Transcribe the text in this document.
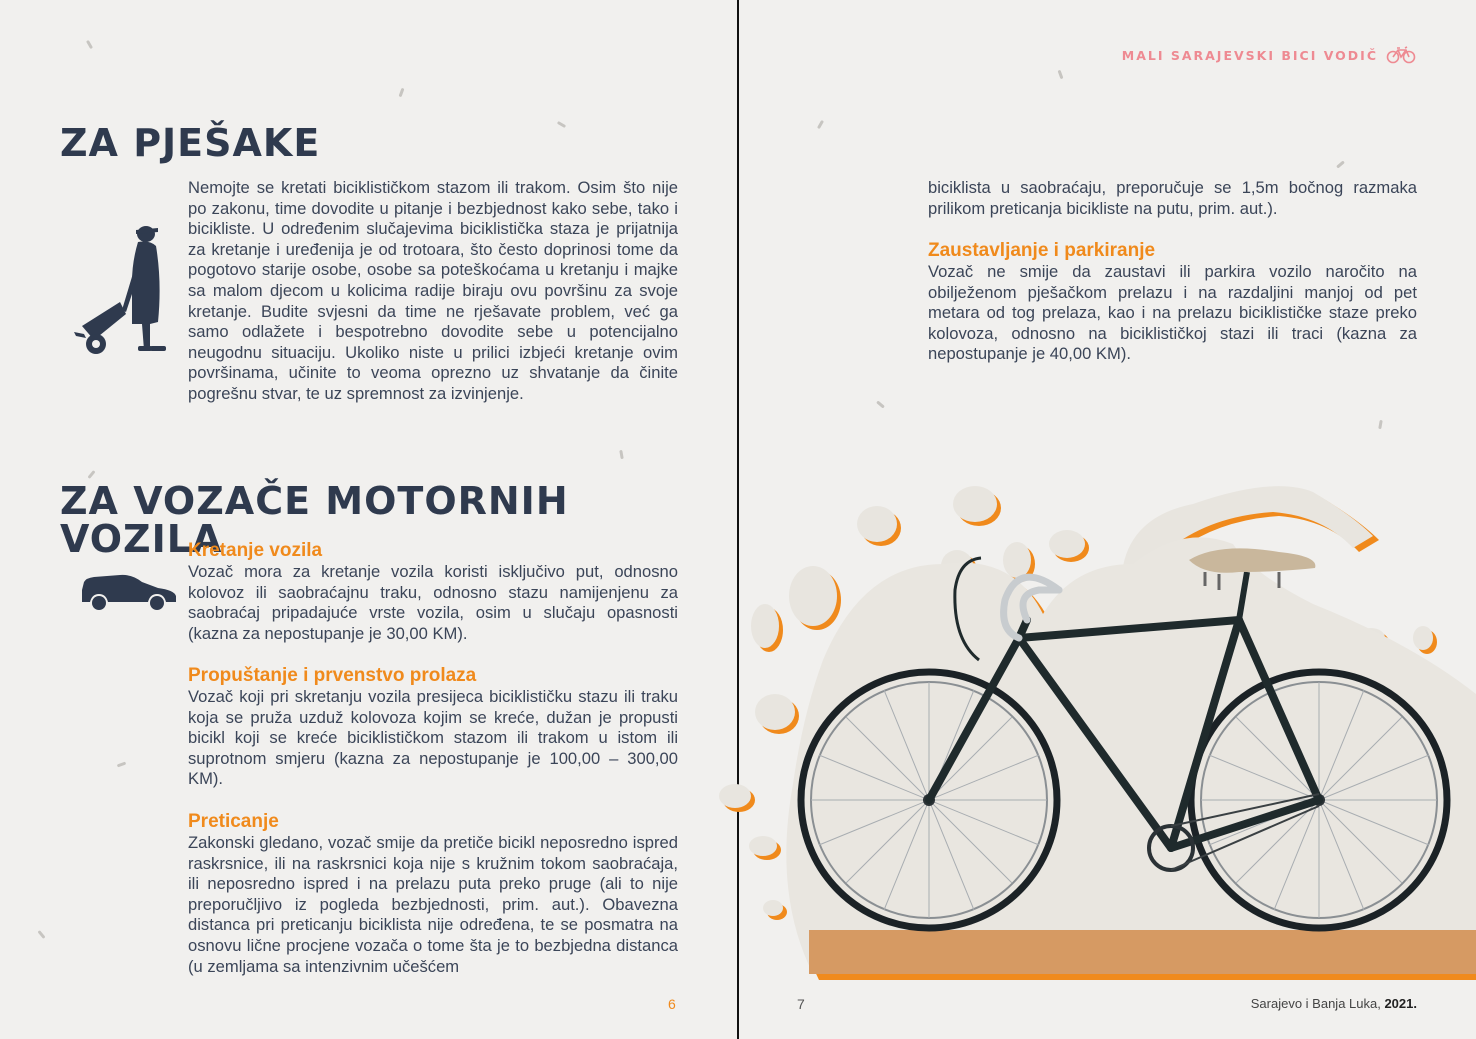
ZA PJEŠAKE
Nemojte se kretati biciklističkom stazom ili trakom. Osim što nije po zakonu, time dovodite u pitanje i bezbjednost kako sebe, tako i bicikliste. U određenim slučajevima biciklistička staza je prijatnija za kretanje i uređenija je od trotoara, što često doprinosi tome da pogotovo starije osobe, osobe sa poteškoćama u kretanju i majke sa malom djecom u kolicima radije biraju ovu površinu za svoje kretanje. Budite svjesni da time ne rješavate problem, već ga samo odlažete i bespotrebno dovodite sebe u potencijalno neugodnu situaciju. Ukoliko niste u prilici izbjeći kretanje ovim površinama, učinite to veoma oprezno uz shvatanje da činite pogrešnu stvar, te uz spremnost za izvinjenje.
ZA VOZAČE MOTORNIH VOZILA

Kretanje vozila

Vozač mora za kretanje vozila koristi isključivo put, odnosno kolovoz ili saobraćajnu traku, odnosno stazu namijenjenu za saobraćaj pripadajuće vrste vozila, osim u slučaju opasnosti (kazna za nepostupanje je 30,00 KM).

Propuštanje i prvenstvo prolaza

Vozač koji pri skretanju vozila presijeca biciklističku stazu ili traku koja se pruža uzduž kolovoza kojim se kreće, dužan je propusti bicikl koji se kreće biciklističkom stazom ili trakom u istom ili suprotnom smjeru (kazna za nepostupanje je 100,00 – 300,00 KM).

Preticanje

Zakonski gledano, vozač smije da pretiče bicikl neposredno ispred raskrsnice, ili na raskrsnici koja nije s kružnim tokom saobraćaja, ili neposredno ispred i na prelazu puta preko pruge (ali to nije preporučljivo iz pogleda bezbjednosti, prim. aut.). Obavezna distanca pri preticanju biciklista nije određena, te se posmatra na osnovu lične procjene vozača o tome šta je to bezbjedna distanca (u zemljama sa intenzivnim učešćem

6
MALI SARAJEVSKI BICI VODIČ
biciklista u saobraćaju, preporučuje se 1,5m bočnog razmaka prilikom preticanja bicikliste na putu, prim. aut.).

Zaustavljanje i parkiranje

Vozač ne smije da zaustavi ili parkira vozilo naročito na obilježenom pješačkom prelazu i na razdaljini manjoj od pet metara od tog prelaza, kao i na prelazu biciklističke staze preko kolovoza, odnosno na biciklističkoj stazi ili traci (kazna za nepostupanje je 40,00 KM).

7	Sarajevo i Banja Luka, 2021.
